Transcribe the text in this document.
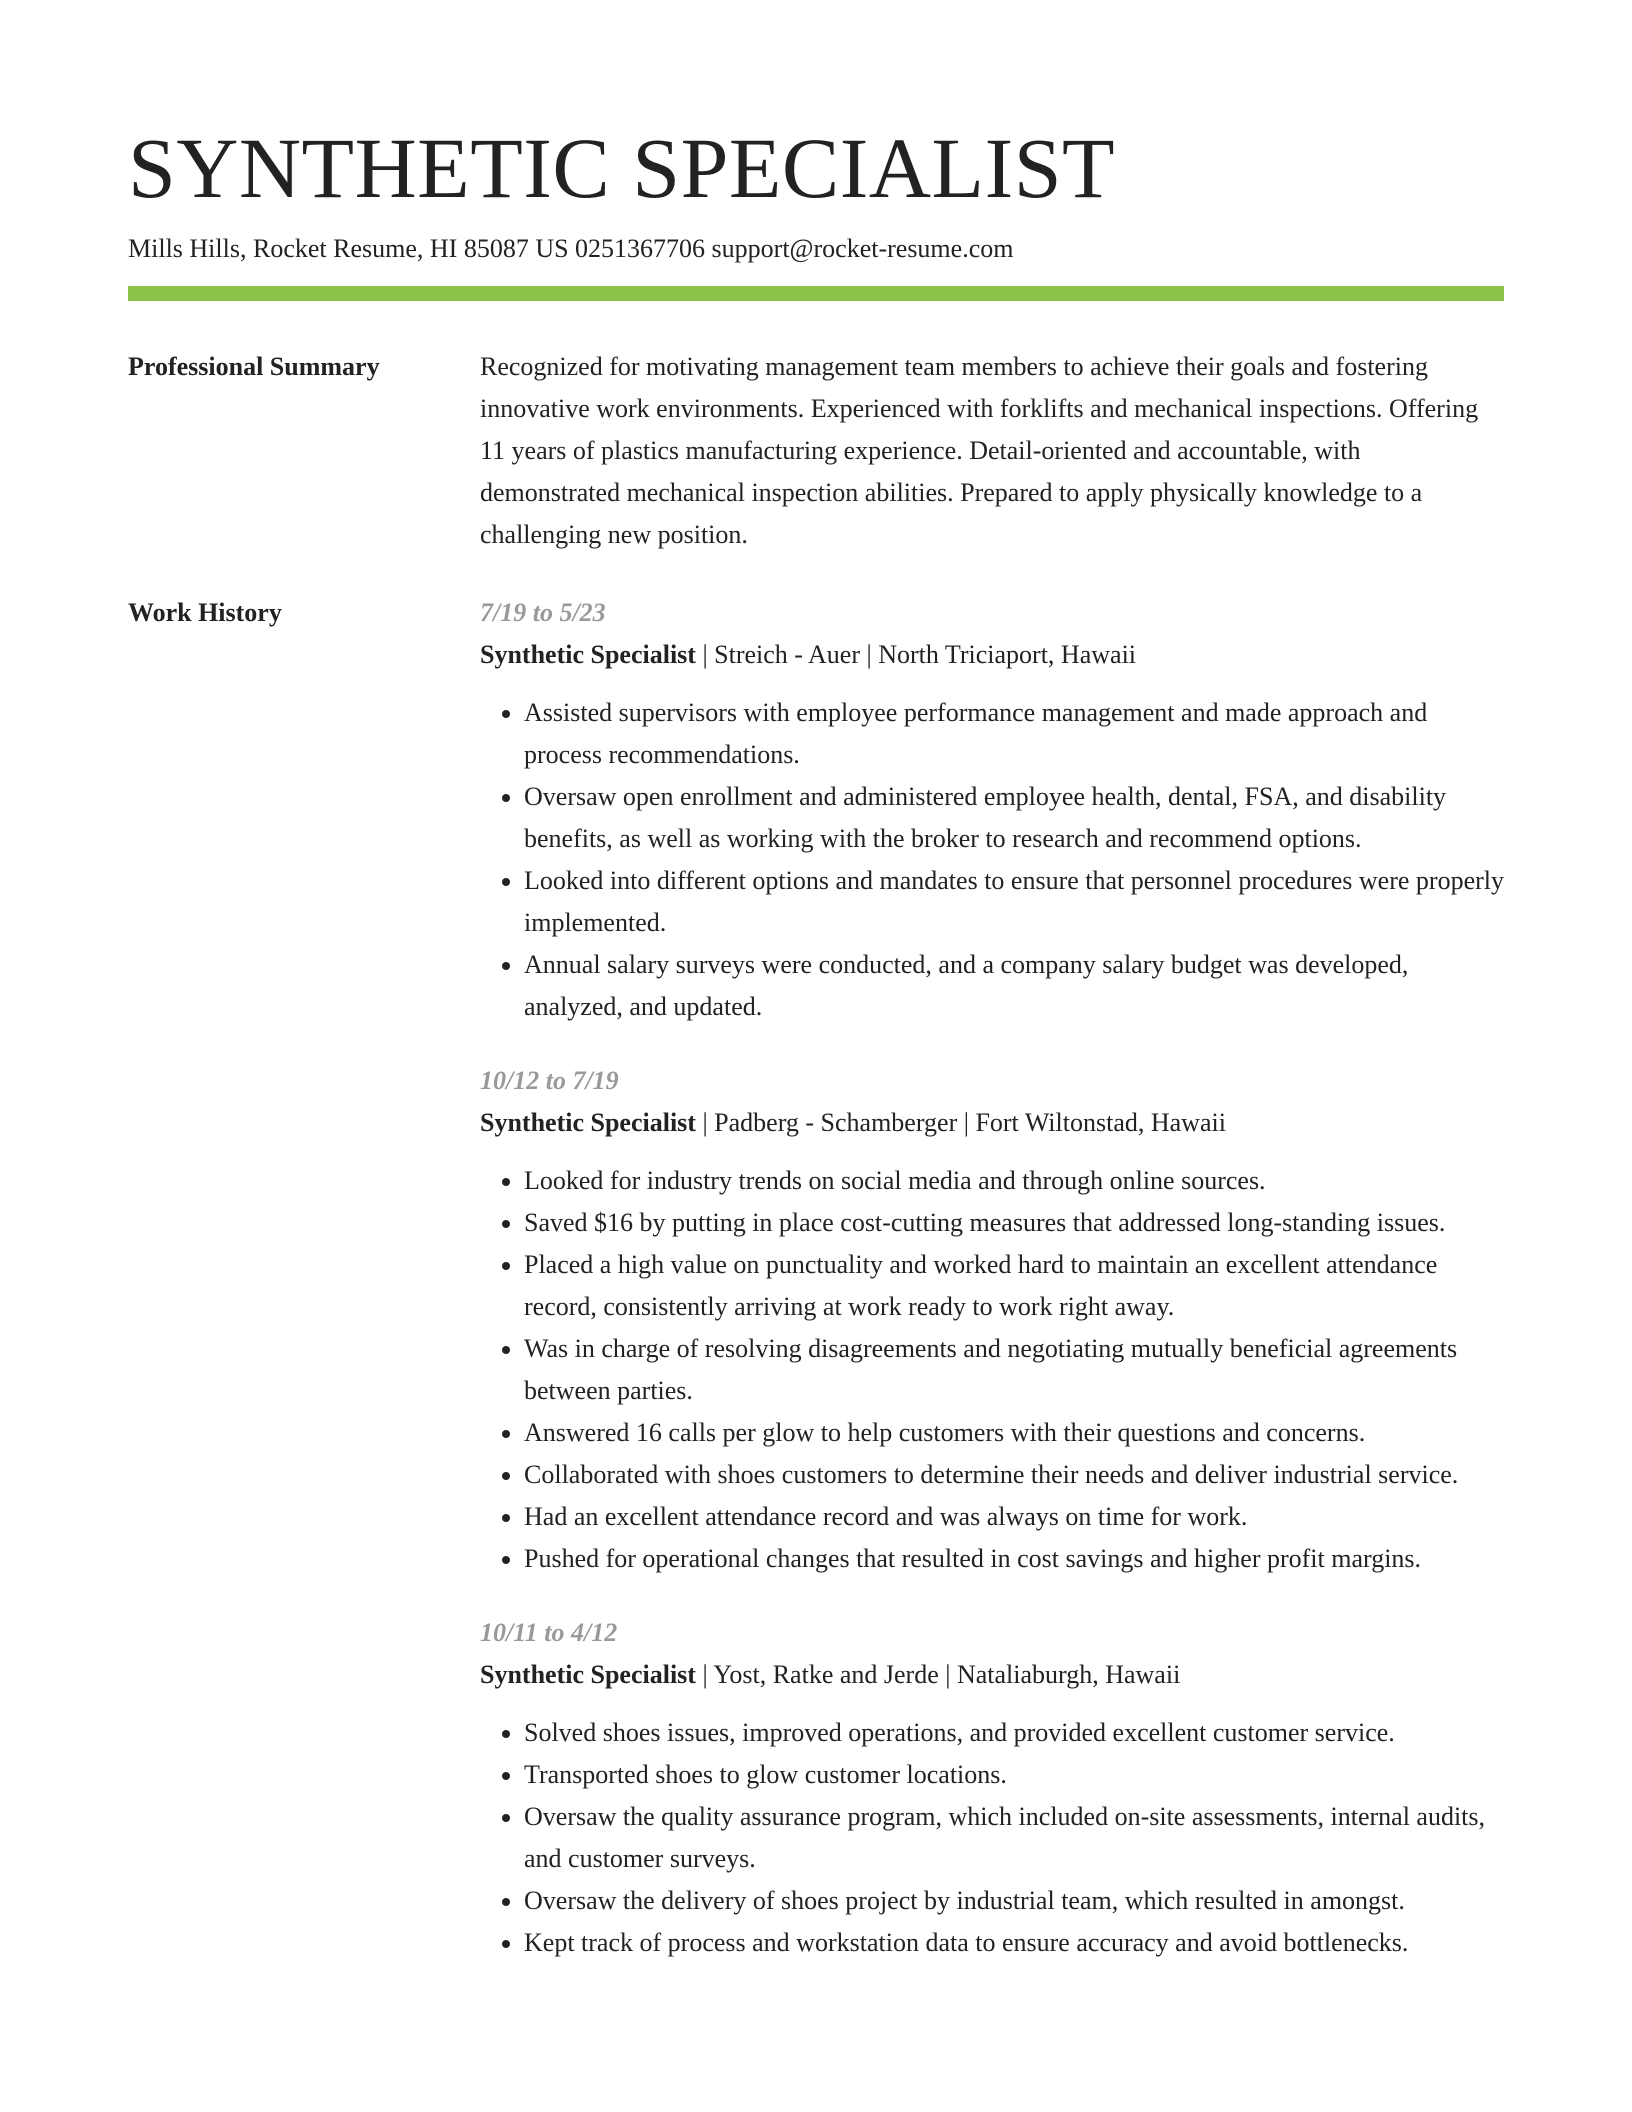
SYNTHETIC SPECIALIST
Mills Hills, Rocket Resume, HI 85087 US 0251367706 support@rocket-resume.com
Professional Summary	Recognized for motivating management team members to achieve their goals and fostering innovative work environments. Experienced with forklifts and mechanical inspections. Offering 11 years of plastics manufacturing experience. Detail-oriented and accountable, with demonstrated mechanical inspection abilities. Prepared to apply physically knowledge to a challenging new position.

Work History	7/19 to 5/23
Synthetic Specialist | Streich - Auer | North Triciaport, Hawaii
• Assisted supervisors with employee performance management and made approach and process recommendations.
• Oversaw open enrollment and administered employee health, dental, FSA, and disability benefits, as well as working with the broker to research and recommend options.
• Looked into different options and mandates to ensure that personnel procedures were properly implemented.
• Annual salary surveys were conducted, and a company salary budget was developed, analyzed, and updated.
10/12 to 7/19
Synthetic Specialist | Padberg - Schamberger | Fort Wiltonstad, Hawaii
• Looked for industry trends on social media and through online sources.
• Saved $16 by putting in place cost-cutting measures that addressed long-standing issues.
• Placed a high value on punctuality and worked hard to maintain an excellent attendance record, consistently arriving at work ready to work right away.
• Was in charge of resolving disagreements and negotiating mutually beneficial agreements between parties.
• Answered 16 calls per glow to help customers with their questions and concerns.
• Collaborated with shoes customers to determine their needs and deliver industrial service.
• Had an excellent attendance record and was always on time for work.
• Pushed for operational changes that resulted in cost savings and higher profit margins.
10/11 to 4/12
Synthetic Specialist | Yost, Ratke and Jerde | Nataliaburgh, Hawaii
• Solved shoes issues, improved operations, and provided excellent customer service.
• Transported shoes to glow customer locations.
• Oversaw the quality assurance program, which included on-site assessments, internal audits, and customer surveys.
• Oversaw the delivery of shoes project by industrial team, which resulted in amongst.
• Kept track of process and workstation data to ensure accuracy and avoid bottlenecks.
